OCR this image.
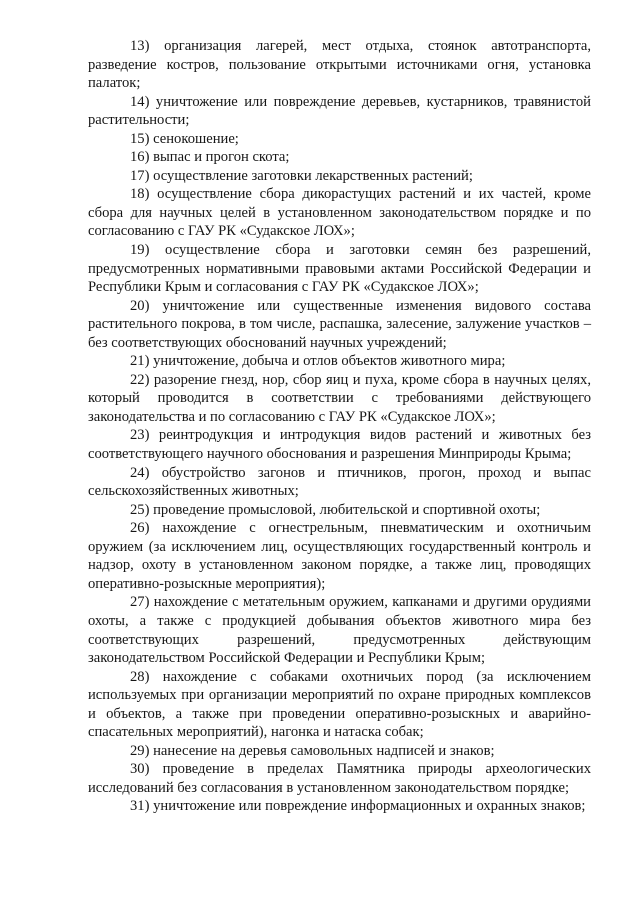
13) организация лагерей, мест отдыха, стоянок автотранспорта, разведение костров, пользование открытыми источниками огня, установка палаток;

14) уничтожение или повреждение деревьев, кустарников, травянистой растительности;

15) сенокошение;

16) выпас и прогон скота;

17) осуществление заготовки лекарственных растений;

18) осуществление сбора дикорастущих растений и их частей, кроме сбора для научных целей в установленном законодательством порядке и по согласованию с ГАУ РК «Судакское ЛОХ»;

19) осуществление сбора и заготовки семян без разрешений, предусмотренных нормативными правовыми актами Российской Федерации и Республики Крым и согласования с ГАУ РК «Судакское ЛОХ»;

20) уничтожение или существенные изменения видового состава растительного покрова, в том числе, распашка, залесение, залужение участков – без соответствующих обоснований научных учреждений;

21) уничтожение, добыча и отлов объектов животного мира;

22) разорение гнезд, нор, сбор яиц и пуха, кроме сбора в научных целях, который проводится в соответствии с требованиями действующего законодательства и по согласованию с ГАУ РК «Судакское ЛОХ»;

23) реинтродукция и интродукция видов растений и животных без соответствующего научного обоснования и разрешения Минприроды Крыма;

24) обустройство загонов и птичников, прогон, проход и выпас сельскохозяйственных животных;

25) проведение промысловой, любительской и спортивной охоты;

26) нахождение с огнестрельным, пневматическим и охотничьим оружием (за исключением лиц, осуществляющих государственный контроль и надзор, охоту в установленном законом порядке, а также лиц, проводящих оперативно-розыскные мероприятия);

27) нахождение с метательным оружием, капканами и другими орудиями охоты, а также с продукцией добывания объектов животного мира без соответствующих разрешений, предусмотренных действующим законодательством Российской Федерации и Республики Крым;

28) нахождение с собаками охотничьих пород (за исключением используемых при организации мероприятий по охране природных комплексов и объектов, а также при проведении оперативно-розыскных и аварийно-спасательных мероприятий), нагонка и натаска собак;

29) нанесение на деревья самовольных надписей и знаков;

30) проведение в пределах Памятника природы археологических исследований без согласования в установленном законодательством порядке;

31) уничтожение или повреждение информационных и охранных знаков;
